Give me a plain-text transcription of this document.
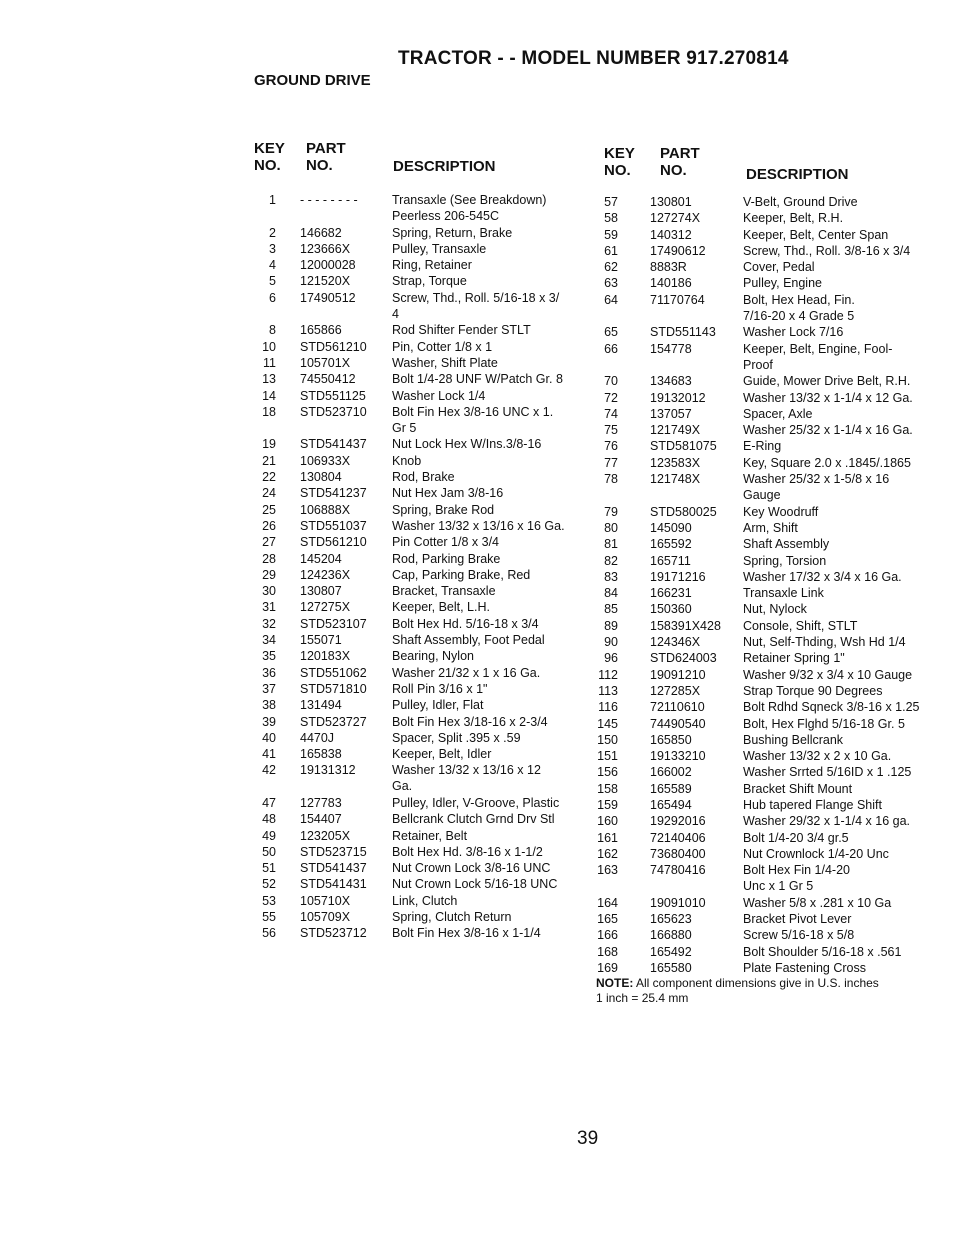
TRACTOR - - MODEL NUMBER 917.270814
GROUND DRIVE
KEY
NO.
PART
NO.	DESCRIPTION
KEY
NO.
PART
NO.	DESCRIPTION
1 - - - - - - - -	Transaxle (See Breakdown)
Peerless 206-545C
2 146682	Spring, Return, Brake
3 123666X	Pulley, Transaxle
4 12000028	Ring, Retainer
5 121520X	Strap, Torque
6 17490512	Screw, Thd., Roll. 5/16-18 x 3/
4
8 165866	Rod Shifter Fender STLT
10 STD561210 Pin, Cotter 1/8 x 1
11 105701X	Washer, Shift Plate
13 74550412	Bolt 1/4-28 UNF W/Patch Gr. 8
14 STD551125 Washer Lock 1/4
18 STD523710 Bolt Fin Hex 3/8-16 UNC x 1.
Gr 5
19 STD541437 Nut Lock Hex W/Ins.3/8-16
21 106933X	Knob
22 130804	Rod, Brake
24 STD541237 Nut Hex Jam 3/8-16
25 106888X	Spring, Brake Rod
26 STD551037 Washer 13/32 x 13/16 x 16 Ga.
27 STD561210 Pin Cotter 1/8 x 3/4
28 145204	Rod, Parking Brake
29 124236X	Cap, Parking Brake, Red
30 130807	Bracket, Transaxle
31 127275X	Keeper, Belt, L.H.
32 STD523107 Bolt Hex Hd. 5/16-18 x 3/4
34 155071	Shaft Assembly, Foot Pedal
35 120183X	Bearing, Nylon
36 STD551062 Washer 21/32 x 1 x 16 Ga.
37 STD571810 Roll Pin 3/16 x 1"
38 131494	Pulley, Idler, Flat
39 STD523727 Bolt Fin Hex 3/18-16 x 2-3/4
40 4470J	Spacer, Split .395 x .59
41 165838	Keeper, Belt, Idler
42 19131312	Washer 13/32 x 13/16 x 12
Ga.
47 127783	Pulley, Idler, V-Groove, Plastic
48 154407	Bellcrank Clutch Grnd Drv Stl
49 123205X	Retainer, Belt
50 STD523715 Bolt Hex Hd. 3/8-16 x 1-1/2
51 STD541437 Nut Crown Lock 3/8-16 UNC
52 STD541431 Nut Crown Lock 5/16-18 UNC
53 105710X	Link, Clutch
55 105709X	Spring, Clutch Return
56 STD523712 Bolt Fin Hex 3/8-16 x 1-1/4
57	130801	V-Belt, Ground Drive
58	127274X	Keeper, Belt, R.H.
59	140312	Keeper, Belt, Center Span
61	17490612	Screw, Thd., Roll. 3/8-16 x 3/4
62	8883R	Cover, Pedal
63	140186	Pulley, Engine
64	71170764	Bolt, Hex Head, Fin.
7/16-20 x 4 Grade 5
65	STD551143 Washer Lock 7/16
66	154778	Keeper, Belt, Engine, Fool-
Proof
70	134683	Guide, Mower Drive Belt, R.H.
72	19132012	Washer 13/32 x 1-1/4 x 12 Ga.
74	137057	Spacer, Axle
75	121749X	Washer 25/32 x 1-1/4 x 16 Ga.
76	STD581075 E-Ring
77	123583X	Key, Square 2.0 x .1845/.1865
78	121748X	Washer 25/32 x 1-5/8 x 16
Gauge
79	STD580025 Key Woodruff
80	145090	Arm, Shift
81	165592	Shaft Assembly
82	165711	Spring, Torsion
83	19171216	Washer 17/32 x 3/4 x 16 Ga.
84	166231	Transaxle Link
85	150360	Nut, Nylock
89	158391X428 Console, Shift, STLT
90	124346X	Nut, Self-Thding, Wsh Hd 1/4
96	STD624003 Retainer Spring 1"
112	19091210	Washer 9/32 x 3/4 x 10 Gauge
113	127285X	Strap Torque 90 Degrees
116	72110610	Bolt Rdhd Sqneck 3/8-16 x 1.25
145	74490540	Bolt, Hex Flghd 5/16-18 Gr. 5
150	165850	Bushing Bellcrank
151	19133210	Washer 13/32 x 2 x 10 Ga.
156	166002	Washer Srrted 5/16ID x 1 .125
158	165589	Bracket Shift Mount
159	165494	Hub tapered Flange Shift
160	19292016	Washer 29/32 x 1-1/4 x 16 ga.
161	72140406	Bolt 1/4-20 3/4 gr.5
162	73680400	Nut Crownlock 1/4-20 Unc
163	74780416	Bolt Hex Fin 1/4-20
Unc x 1 Gr 5
164	19091010	Washer 5/8 x .281 x 10 Ga
165	165623	Bracket Pivot Lever
166	166880	Screw 5/16-18 x 5/8
168	165492	Bolt Shoulder 5/16-18 x .561
169	165580	Plate Fastening Cross
NOTE: All component dimensions give in U.S. inches
1 inch = 25.4 mm
39
